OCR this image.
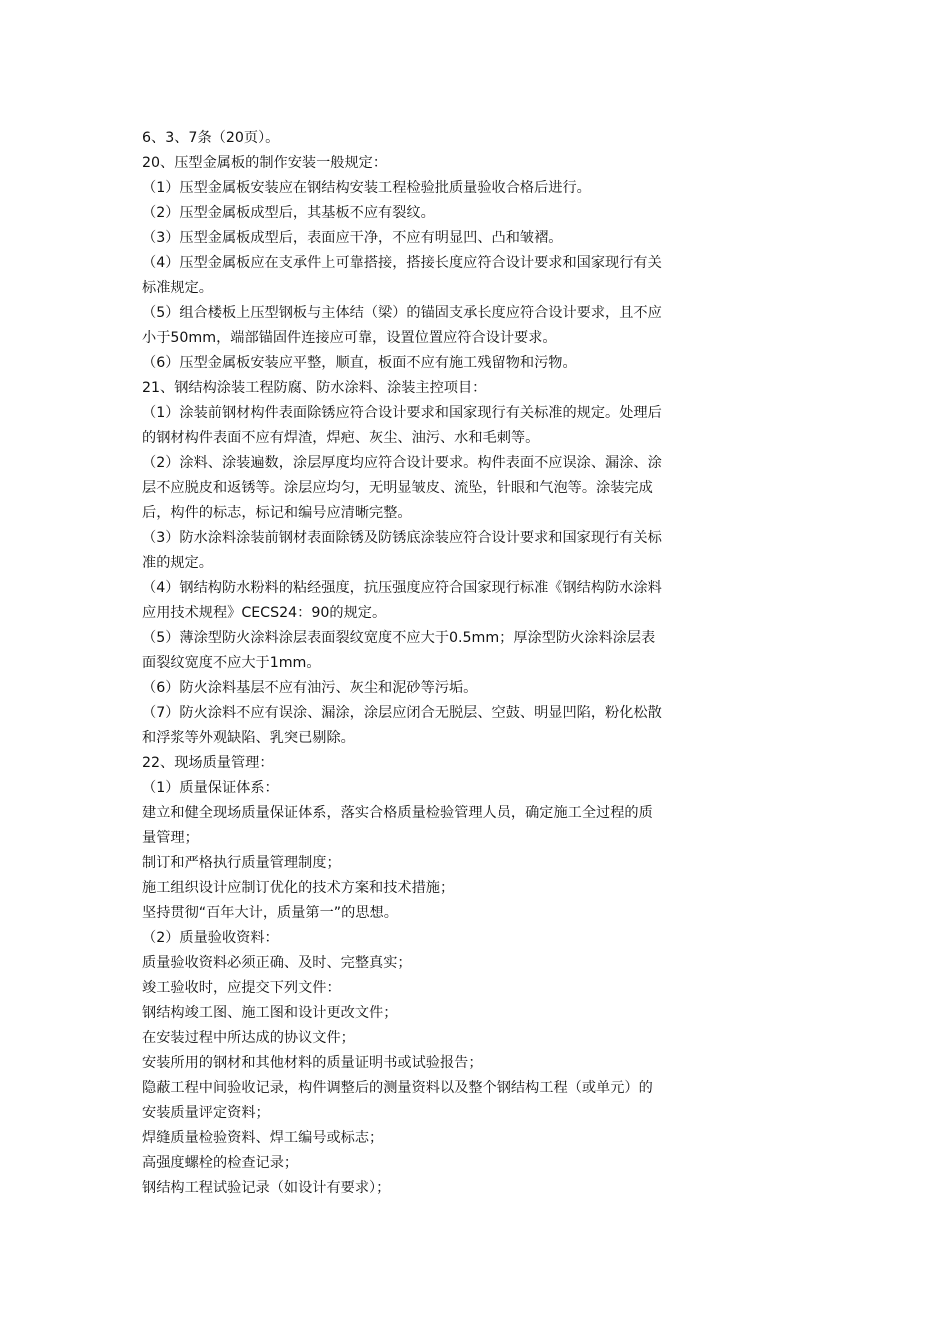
6、3、7条（20页）。

20、压型金属板的制作安装一般规定：

（1）压型金属板安装应在钢结构安装工程检验批质量验收合格后进行。

（2）压型金属板成型后，其基板不应有裂纹。

（3）压型金属板成型后，表面应干净，不应有明显凹、凸和皱褶。

（4）压型金属板应在支承件上可靠搭接，搭接长度应符合设计要求和国家现行有关

标准规定。

（5）组合楼板上压型钢板与主体结（梁）的锚固支承长度应符合设计要求，且不应

小于50mm，端部锚固件连接应可靠，设置位置应符合设计要求。

（6）压型金属板安装应平整，顺直，板面不应有施工残留物和污物。

21、钢结构涂装工程防腐、防水涂料、涂装主控项目：

（1）涂装前钢材构件表面除锈应符合设计要求和国家现行有关标准的规定。处理后

的钢材构件表面不应有焊渣，焊疤、灰尘、油污、水和毛刺等。

（2）涂料、涂装遍数，涂层厚度均应符合设计要求。构件表面不应误涂、漏涂、涂

层不应脱皮和返锈等。涂层应均匀，无明显皱皮、流坠，针眼和气泡等。涂装完成

后，构件的标志，标记和编号应清晰完整。

（3）防水涂料涂装前钢材表面除锈及防锈底涂装应符合设计要求和国家现行有关标

准的规定。

（4）钢结构防水粉料的粘经强度，抗压强度应符合国家现行标准《钢结构防水涂料

应用技术规程》CECS24：90的规定。

（5）薄涂型防火涂料涂层表面裂纹宽度不应大于0.5mm；厚涂型防火涂料涂层表

面裂纹宽度不应大于1mm。

（6）防火涂料基层不应有油污、灰尘和泥砂等污垢。

（7）防火涂料不应有误涂、漏涂，涂层应闭合无脱层、空鼓、明显凹陷，粉化松散

和浮浆等外观缺陷、乳突已剔除。

22、现场质量管理：

（1）质量保证体系：

建立和健全现场质量保证体系，落实合格质量检验管理人员，确定施工全过程的质

量管理；

制订和严格执行质量管理制度；

施工组织设计应制订优化的技术方案和技术措施；

坚持贯彻“百年大计，质量第一”的思想。

（2）质量验收资料：

质量验收资料必须正确、及时、完整真实；

竣工验收时，应提交下列文件：

钢结构竣工图、施工图和设计更改文件；

在安装过程中所达成的协议文件；

安装所用的钢材和其他材料的质量证明书或试验报告；

隐蔽工程中间验收记录，构件调整后的测量资料以及整个钢结构工程（或单元）的

安装质量评定资料；

焊缝质量检验资料、焊工编号或标志；

高强度螺栓的检查记录；

钢结构工程试验记录（如设计有要求）；
